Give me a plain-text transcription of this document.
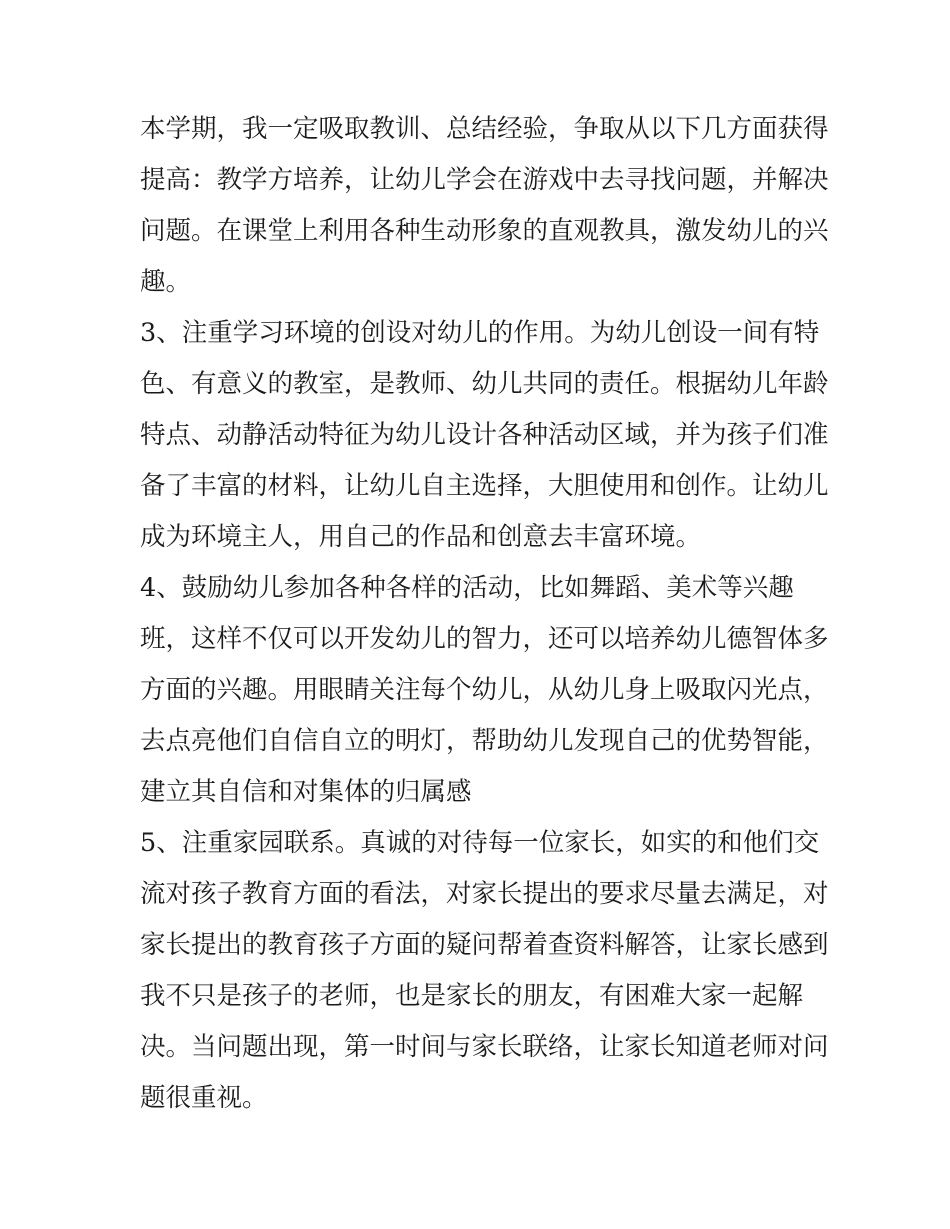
本学期，我一定吸取教训、总结经验，争取从以下几方面获得
提高：教学方培养，让幼儿学会在游戏中去寻找问题，并解决
问题。在课堂上利用各种生动形象的直观教具，激发幼儿的兴
趣。
3、注重学习环境的创设对幼儿的作用。为幼儿创设一间有特
色、有意义的教室，是教师、幼儿共同的责任。根据幼儿年龄
特点、动静活动特征为幼儿设计各种活动区域，并为孩子们准
备了丰富的材料，让幼儿自主选择，大胆使用和创作。让幼儿
成为环境主人，用自己的作品和创意去丰富环境。
4、鼓励幼儿参加各种各样的活动，比如舞蹈、美术等兴趣
班，这样不仅可以开发幼儿的智力，还可以培养幼儿德智体多
方面的兴趣。用眼睛关注每个幼儿，从幼儿身上吸取闪光点，
去点亮他们自信自立的明灯，帮助幼儿发现自己的优势智能，
建立其自信和对集体的归属感
5、注重家园联系。真诚的对待每一位家长，如实的和他们交
流对孩子教育方面的看法，对家长提出的要求尽量去满足，对
家长提出的教育孩子方面的疑问帮着查资料解答，让家长感到
我不只是孩子的老师，也是家长的朋友，有困难大家一起解
决。当问题出现，第一时间与家长联络，让家长知道老师对问
题很重视。
